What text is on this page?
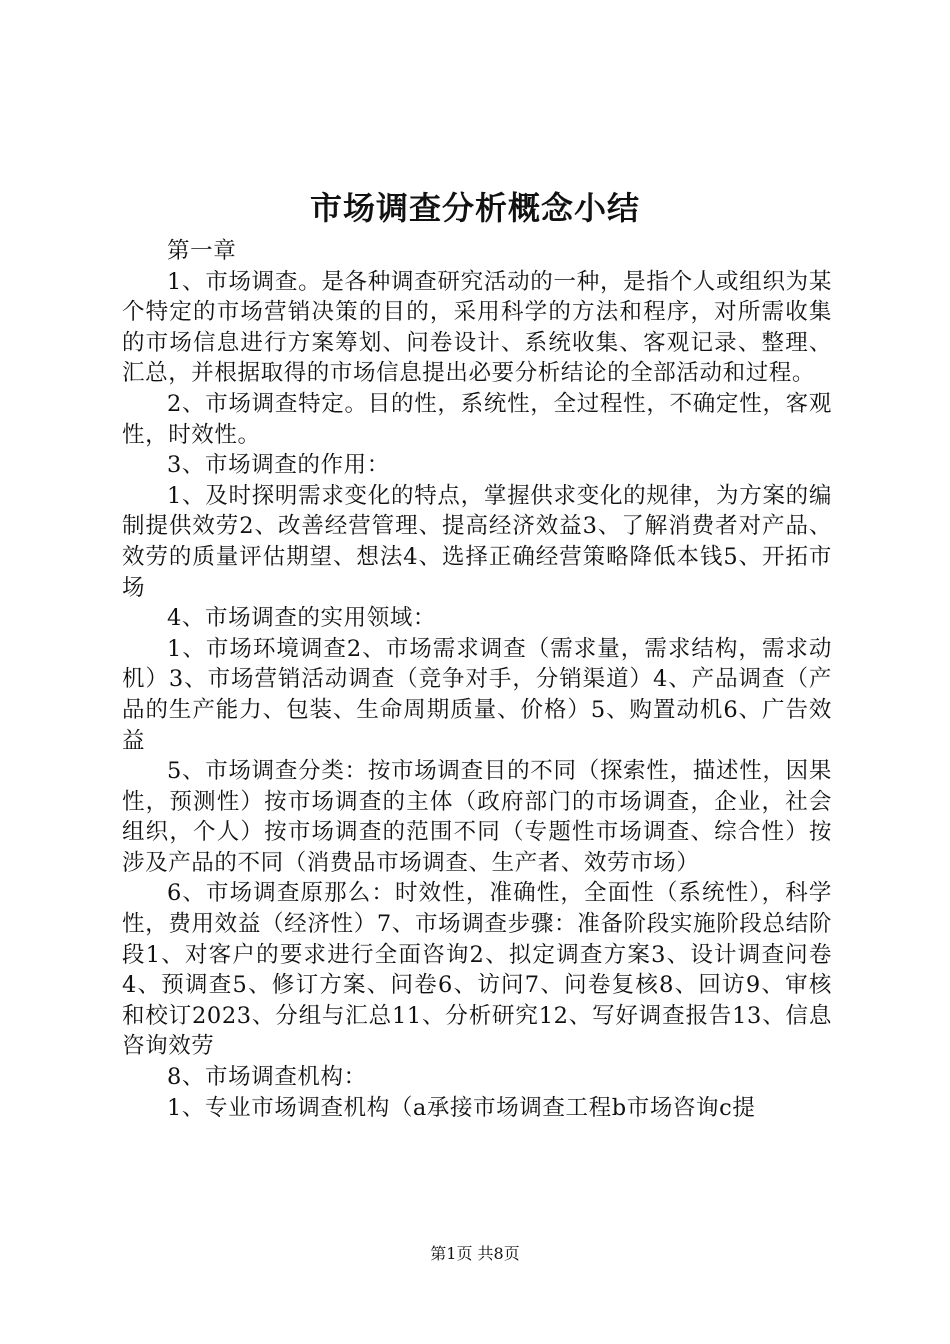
市场调查分析概念小结

第一章

1、市场调查。是各种调查研究活动的一种，是指个人或组织为某个特定的市场营销决策的目的，采用科学的方法和程序，对所需收集的市场信息进行方案筹划、问卷设计、系统收集、客观记录、整理、汇总，并根据取得的市场信息提出必要分析结论的全部活动和过程。

2、市场调查特定。目的性，系统性，全过程性，不确定性，客观性，时效性。

3、市场调查的作用：

1、及时探明需求变化的特点，掌握供求变化的规律，为方案的编制提供效劳2、改善经营管理、提高经济效益3、了解消费者对产品、效劳的质量评估期望、想法4、选择正确经营策略降低本钱5、开拓市场

4、市场调查的实用领域：

1、市场环境调查2、市场需求调查（需求量，需求结构，需求动机）3、市场营销活动调查（竞争对手，分销渠道）4、产品调查（产品的生产能力、包装、生命周期质量、价格）5、购置动机6、广告效益

5、市场调查分类：按市场调查目的不同（探索性，描述性，因果性，预测性）按市场调查的主体（政府部门的市场调查，企业，社会组织，个人）按市场调查的范围不同（专题性市场调查、综合性）按涉及产品的不同（消费品市场调查、生产者、效劳市场）

6、市场调查原那么：时效性，准确性，全面性（系统性），科学性，费用效益（经济性）7、市场调查步骤：准备阶段实施阶段总结阶段1、对客户的要求进行全面咨询2、拟定调查方案3、设计调查问卷4、预调查5、修订方案、问卷6、访问7、问卷复核8、回访9、审核和校订2023、分组与汇总11、分析研究12、写好调查报告13、信息咨询效劳

8、市场调查机构：

1、专业市场调查机构（a承接市场调查工程b市场咨询c提

第1页 共8页
